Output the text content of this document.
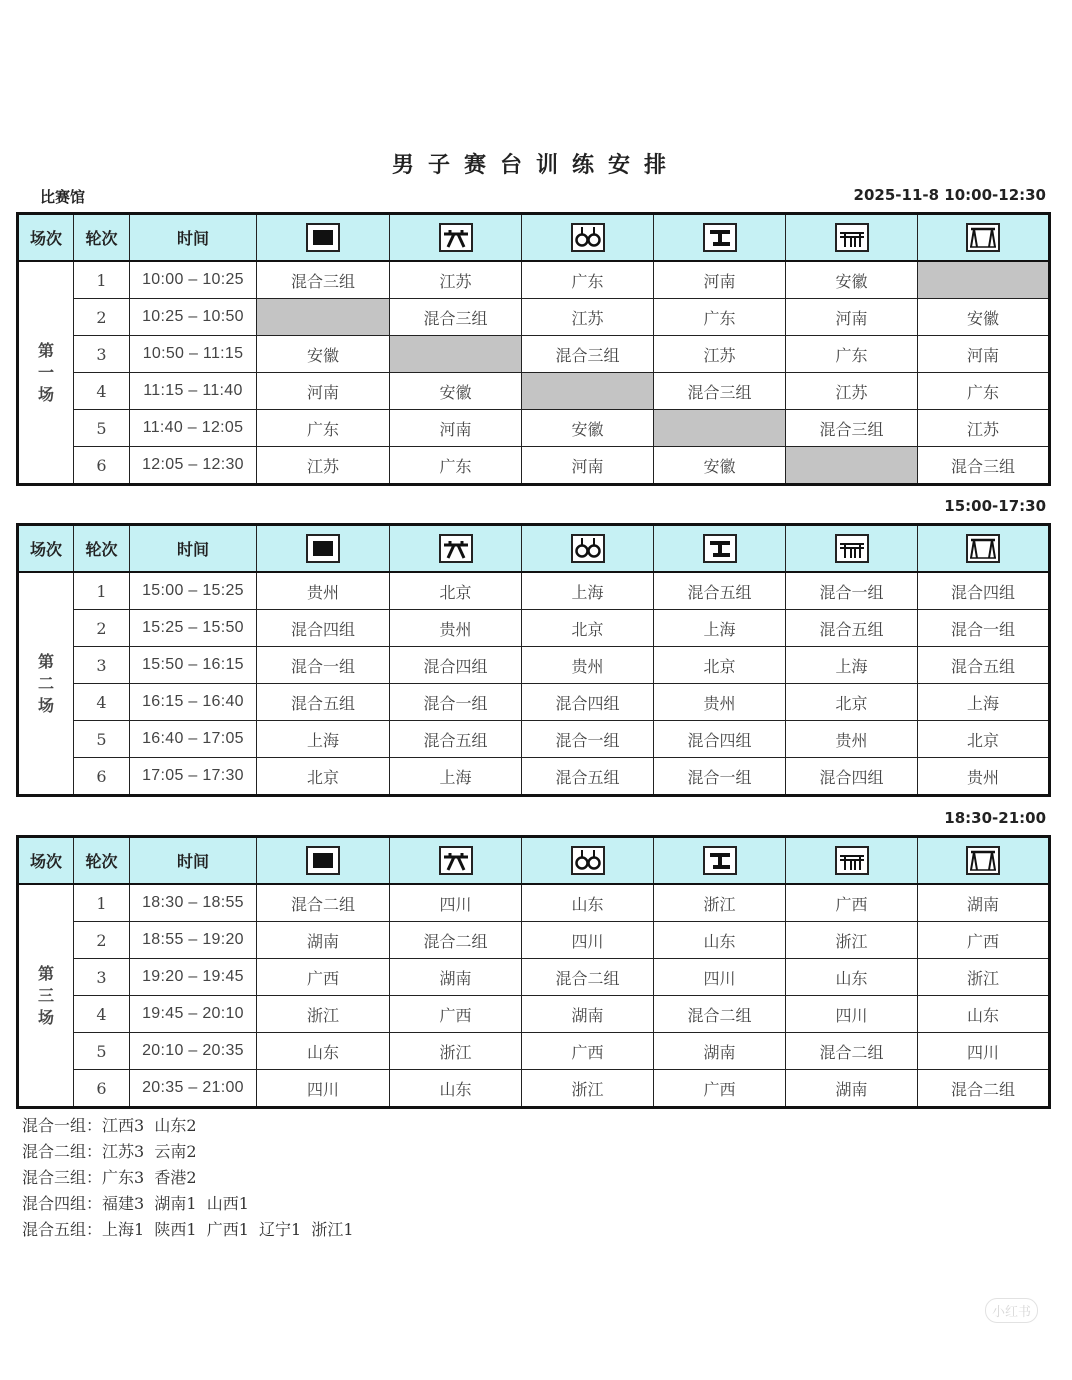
男子赛台训练安排
比赛馆	2025-11-8 10:00-12:30
15:00-17:30
18:30-21:00
场次	轮次	时间	

第
一
场	1	10:00 – 10:25	混合三组	江苏	广东	河南	安徽	
	2	10:25 – 10:50		混合三组	江苏	广东	河南	安徽
	3	10:50 – 11:15	安徽		混合三组	江苏	广东	河南
	4	11:15 – 11:40	河南	安徽		混合三组	江苏	广东
	5	11:40 – 12:05	广东	河南	安徽		混合三组	江苏
	6	12:05 – 12:30	江苏	广东	河南	安徽		混合三组
场次	轮次	时间	

第
二
场	1	15:00 – 15:25	贵州	北京	上海	混合五组	混合一组	混合四组
	2	15:25 – 15:50	混合四组	贵州	北京	上海	混合五组	混合一组
	3	15:50 – 16:15	混合一组	混合四组	贵州	北京	上海	混合五组
	4	16:15 – 16:40	混合五组	混合一组	混合四组	贵州	北京	上海
	5	16:40 – 17:05	上海	混合五组	混合一组	混合四组	贵州	北京
	6	17:05 – 17:30	北京	上海	混合五组	混合一组	混合四组	贵州
场次	轮次	时间	

第
三
场	1	18:30 – 18:55	混合二组	四川	山东	浙江	广西	湖南
	2	18:55 – 19:20	湖南	混合二组	四川	山东	浙江	广西
	3	19:20 – 19:45	广西	湖南	混合二组	四川	山东	浙江
	4	19:45 – 20:10	浙江	广西	湖南	混合二组	四川	山东
	5	20:10 – 20:35	山东	浙江	广西	湖南	混合二组	四川
	6	20:35 – 21:00	四川	山东	浙江	广西	湖南	混合二组
混合一组：江西3  山东2
混合二组：江苏3  云南2
混合三组：广东3  香港2
混合四组：福建3  湖南1  山西1
混合五组：上海1  陕西1  广西1  辽宁1  浙江1
小红书
